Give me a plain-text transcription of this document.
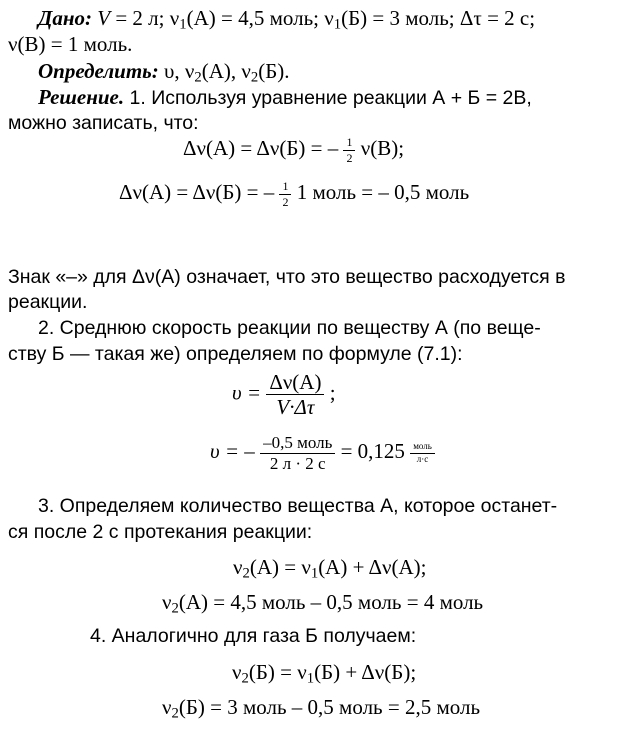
Дано: V = 2 л; $\nu_1(А) = 4,5$ моль; $\nu_1(Б) = 3$ моль; Δτ = 2 с;
ν(В) = 1 моль.
Определить: υ, $\nu_2(А)$, $\nu_2(Б)$.
Решение. 1. Используя уравнение реакции А + Б = 2В,
можно записать, что:
Δν(А) = Δν(Б) = – $\frac{1}{2} \nu(В)$;
Δν(А) = Δν(Б) = – $\frac{1}{2} 1$ моль = – 0,5 моль
Знак «–» для Δν(А) означает, что это вещество расходуется в
реакции.
2. Среднюю скорость реакции по веществу А (по веще-
ству Б — такая же) определяем по формуле (7.1):
$\upsilon = \frac{\Delta\nu(А)}{V\cdot\Delta\tau}$ ;
υ = – $\frac{\text{–0,5 моль}}{2 л \cdot 2 с} = 0,125 \frac{\text{моль}}{л\cdot с}$
3. Определяем количество вещества А, которое останет-
ся после 2 с протекания реакции:
$\nu_2(А) = \nu_1(А) + \Delta\nu(А)$;
$\nu_2(А) = 4,5$ моль – 0,5 моль = 4 моль
4. Аналогично для газа Б получаем:
$\nu_2(Б) = \nu_1(Б) + \Delta\nu(Б)$;
$\nu_2(Б) = 3$ моль – 0,5 моль = 2,5 моль
